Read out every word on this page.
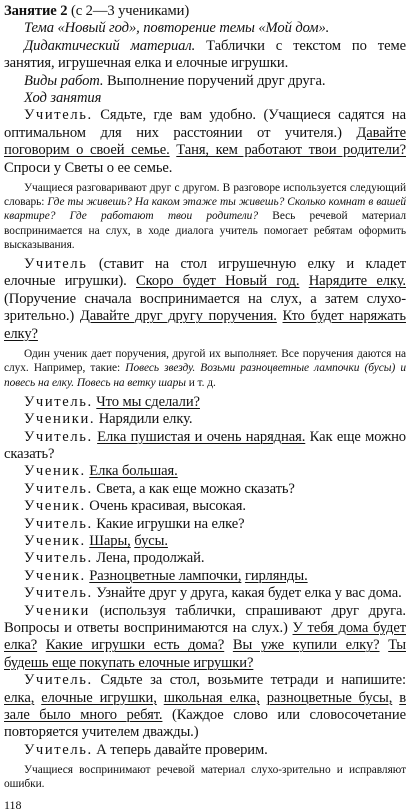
Занятие 2 (с 2—3 учениками)

Тема «Новый год», повторение темы «Мой дом».

Дидактический материал. Таблички с текстом по теме занятия, игрушечная елка и елочные игрушки.

Виды работ. Выполнение поручений друг друга.

Ход занятия

Учитель. Сядьте, где вам удобно. (Учащиеся садятся на оптимальном для них расстоянии от учителя.) Давайте поговорим о своей семье. Таня, кем работают твои родители? Спроси у Светы о ее семье.

Учащиеся разговаривают друг с другом. В разговоре используется следующий словарь: Где ты живешь? На каком этаже ты живешь? Сколько комнат в вашей квартире? Где работают твои родители? Весь речевой материал воспринимается на слух, в ходе диалога учитель помогает ребятам оформить высказывания.

Учитель (ставит на стол игрушечную елку и кладет елочные игрушки). Скоро будет Новый год. Нарядите елку. (Поручение сначала воспринимается на слух, а затем слухо-зрительно.) Давайте друг другу поручения. Кто будет наряжать елку?

Один ученик дает поручения, другой их выполняет. Все поручения даются на слух. Например, такие: Повесь звезду. Возьми разноцветные лампочки (бусы) и повесь на елку. Повесь на ветку шары и т. д.

Учитель. Что мы сделали?

Ученики. Нарядили елку.

Учитель. Елка пушистая и очень нарядная. Как еще можно сказать?

Ученик. Елка большая.

Учитель. Света, а как еще можно сказать?

Ученик. Очень красивая, высокая.

Учитель. Какие игрушки на елке?

Ученик. Шары, бусы.

Учитель. Лена, продолжай.

Ученик. Разноцветные лампочки, гирлянды.

Учитель. Узнайте друг у друга, какая будет елка у вас дома.

Ученики (используя таблички, спрашивают друг друга. Вопросы и ответы воспринимаются на слух.) У тебя дома будет елка? Какие игрушки есть дома? Вы уже купили елку? Ты будешь еще покупать елочные игрушки?

Учитель. Сядьте за стол, возьмите тетради и напишите: елка, елочные игрушки, школьная елка, разноцветные бусы, в зале было много ребят. (Каждое слово или словосочетание повторяется учителем дважды.)

Учитель. А теперь давайте проверим.

Учащиеся воспринимают речевой материал слухо-зрительно и исправляют ошибки.

118
